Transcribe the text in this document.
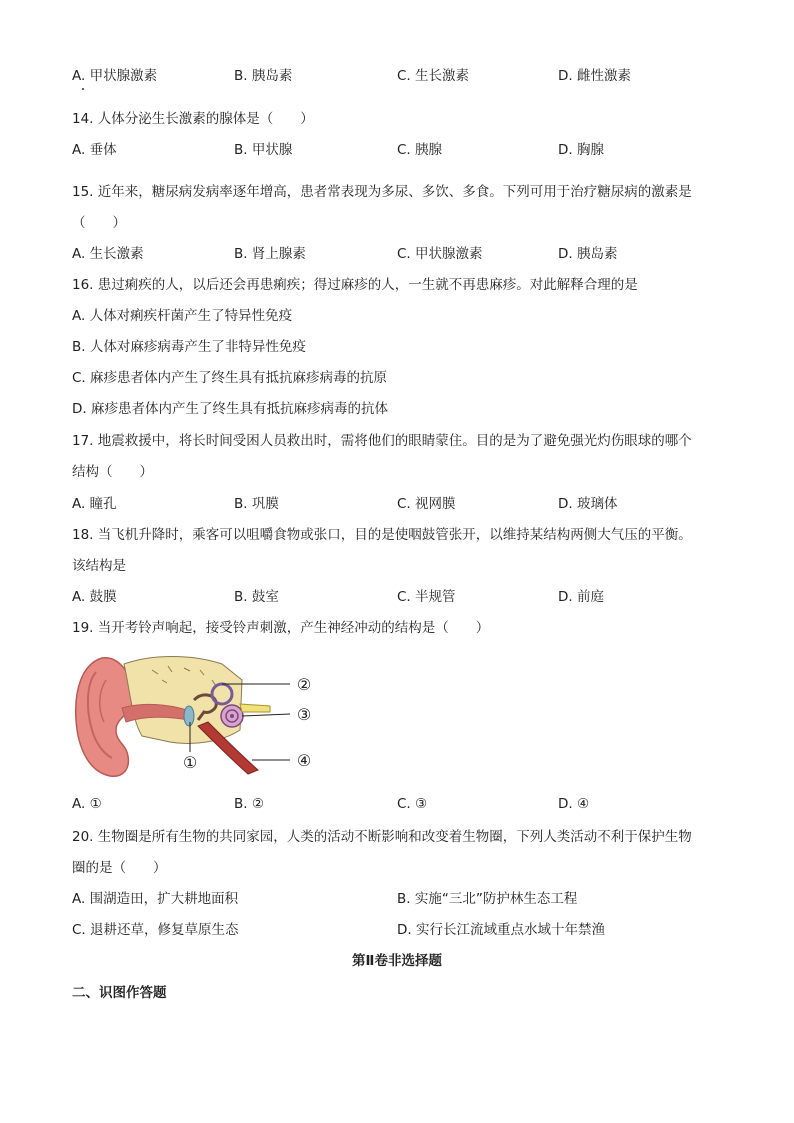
A. 甲状腺激素	B. 胰岛素	C. 生长激素	D. 雌性激素
14. 人体分泌生长激素的腺体是（　　）
A. 垂体	B. 甲状腺	C. 胰腺	D. 胸腺
15. 近年来，糖尿病发病率逐年增高，患者常表现为多尿、多饮、多食。下列可用于治疗糖尿病的激素是
（　　）
A. 生长激素	B. 肾上腺素	C. 甲状腺激素	D. 胰岛素
16. 患过痢疾的人，以后还会再患痢疾；得过麻疹的人，一生就不再患麻疹。对此解释合理的是
A. 人体对痢疾杆菌产生了特异性免疫
B. 人体对麻疹病毒产生了非特异性免疫
C. 麻疹患者体内产生了终生具有抵抗麻疹病毒的抗原
D. 麻疹患者体内产生了终生具有抵抗麻疹病毒的抗体
17. 地震救援中，将长时间受困人员救出时，需将他们的眼睛蒙住。目的是为了避免强光灼伤眼球的哪个
结构（　　）
A. 瞳孔	B. 巩膜	C. 视网膜	D. 玻璃体
18. 当飞机升降时，乘客可以咀嚼食物或张口，目的是使咽鼓管张开，以维持某结构两侧大气压的平衡。
该结构是
A. 鼓膜	B. 鼓室	C. 半规管	D. 前庭
19. 当开考铃声响起，接受铃声刺激，产生神经冲动的结构是（　　）
①
②
③
④
A. ①	B. ②	C. ③	D. ④
20. 生物圈是所有生物的共同家园，人类的活动不断影响和改变着生物圈，下列人类活动不利于保护生物
圈的是（　　）
A. 围湖造田，扩大耕地面积	B. 实施“三北”防护林生态工程
C. 退耕还草，修复草原生态	D. 实行长江流域重点水域十年禁渔
第Ⅱ卷非选择题
二、识图作答题
